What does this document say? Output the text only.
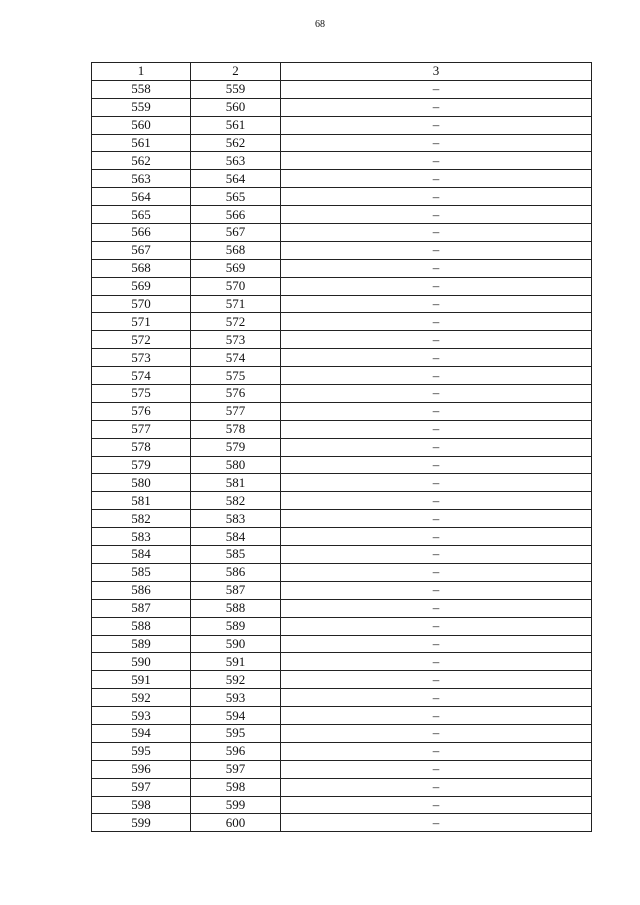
68
1	2	3
558	559	–
559	560	–
560	561	–
561	562	–
562	563	–
563	564	–
564	565	–
565	566	–
566	567	–
567	568	–
568	569	–
569	570	–
570	571	–
571	572	–
572	573	–
573	574	–
574	575	–
575	576	–
576	577	–
577	578	–
578	579	–
579	580	–
580	581	–
581	582	–
582	583	–
583	584	–
584	585	–
585	586	–
586	587	–
587	588	–
588	589	–
589	590	–
590	591	–
591	592	–
592	593	–
593	594	–
594	595	–
595	596	–
596	597	–
597	598	–
598	599	–
599	600	–
